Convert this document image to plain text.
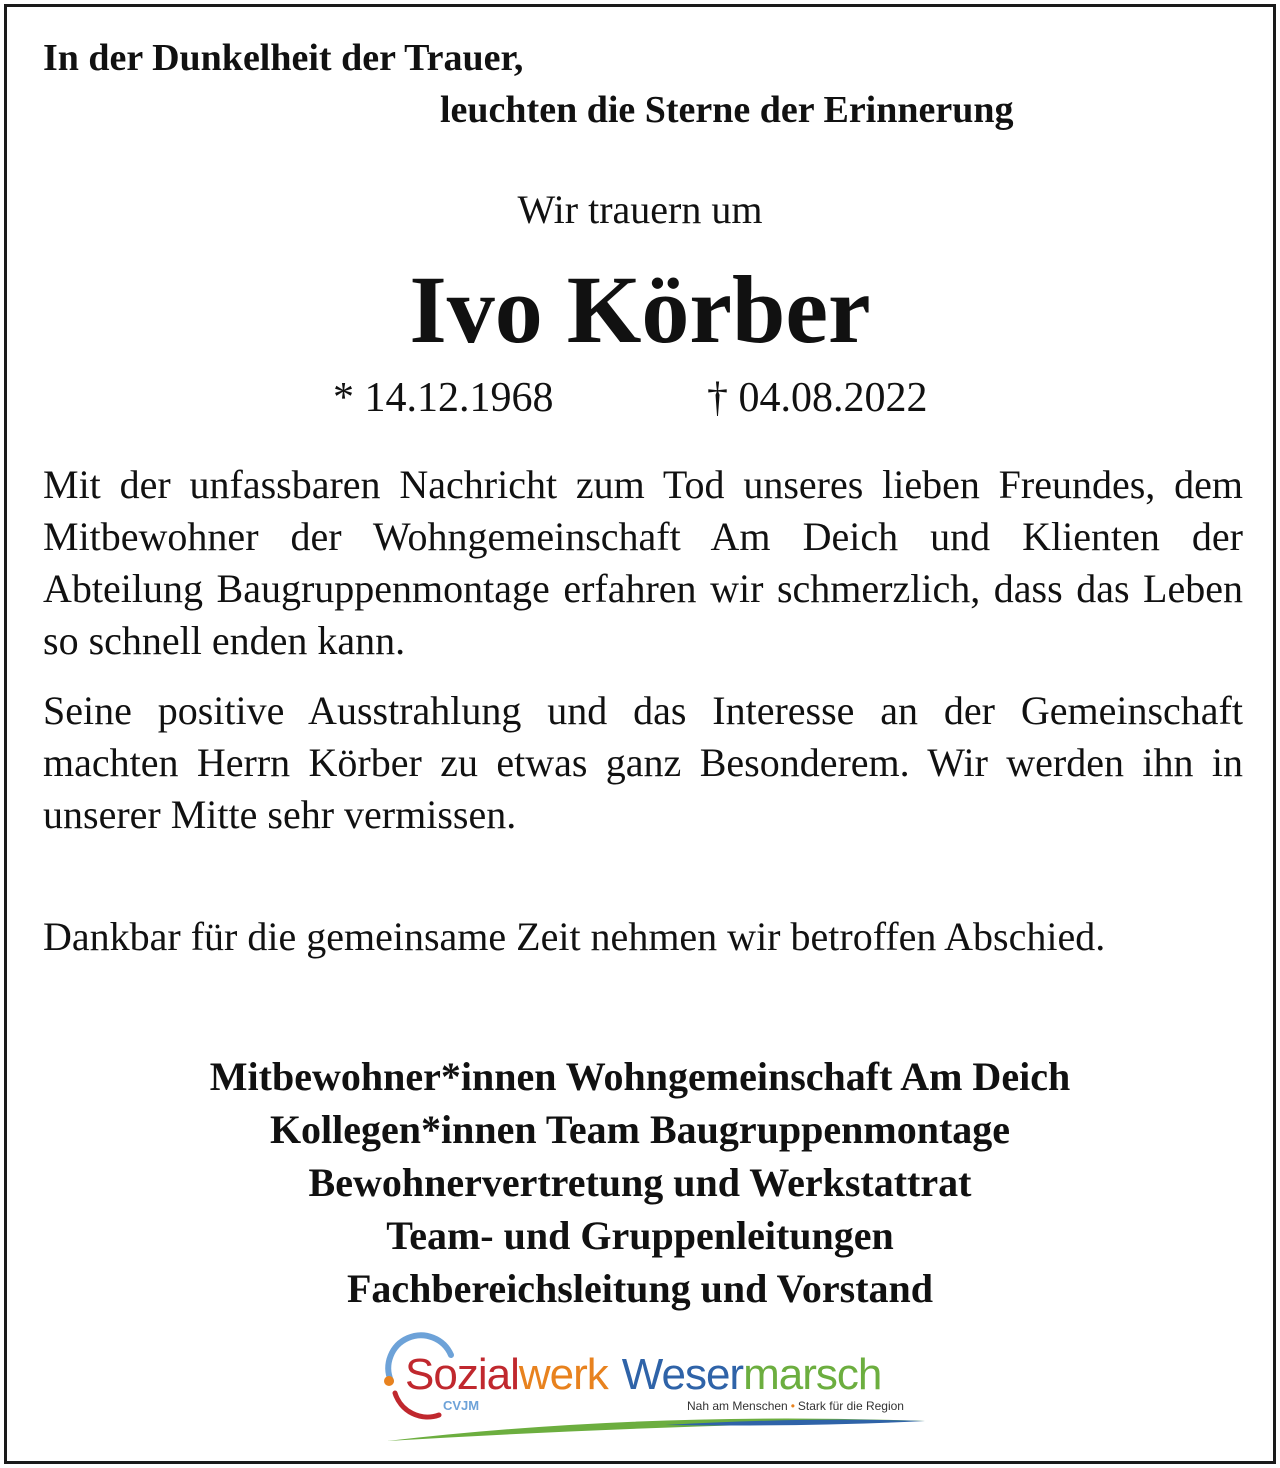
In der Dunkelheit der Trauer,

leuchten die Sterne der Erinnerung

Wir trauern um

Ivo Körber

* 14.12.1968	† 04.08.2022

Mit der unfassbaren Nachricht zum Tod unseres lieben Freundes, dem Mitbewohner der Wohngemeinschaft Am Deich und Klienten der Abteilung Baugruppenmontage erfahren wir schmerzlich, dass das Leben so schnell enden kann.

Seine positive Ausstrahlung und das Interesse an der Gemeinschaft machten Herrn Körber zu etwas ganz Besonderem. Wir werden ihn in unserer Mitte sehr vermissen.

Dankbar für die gemeinsame Zeit nehmen wir betroffen Abschied.

Mitbewohner*innen Wohngemeinschaft Am Deich
Kollegen*innen Team Baugruppenmontage
Bewohnervertretung und Werkstattrat
Team- und Gruppenleitungen
Fachbereichsleitung und Vorstand
Sozialwerk Wesermarsch
CVJM	Nah am Menschen • Stark für die Region
